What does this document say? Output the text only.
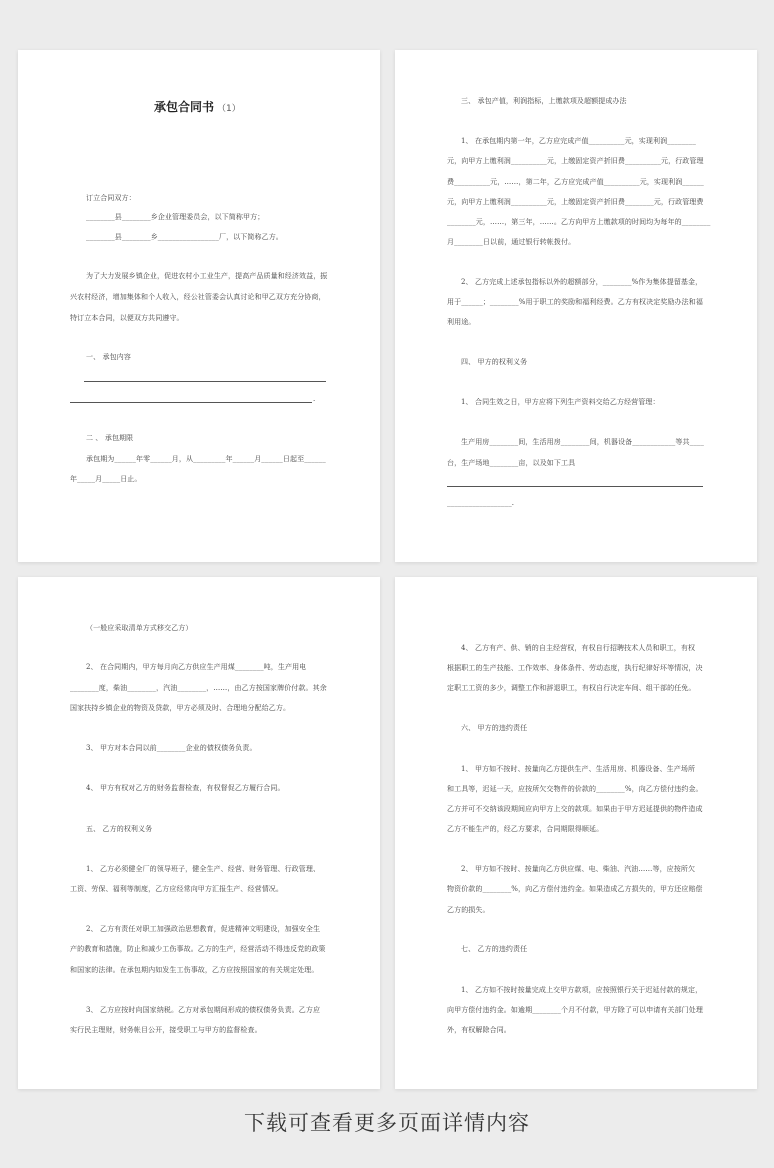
承包合同书 （1）
订立合同双方：
________县________乡企业管理委员会，以下简称甲方；
________县________乡_________________厂，以下简称乙方。
为了大力发展乡镇企业，促进农村小工业生产，提高产品质量和经济效益，振
兴农村经济，增加集体和个人收入，经公社管委会认真讨论和甲乙双方充分协商，
特订立本合同，以便双方共同遵守。
一、 承包内容
.
二 、 承包期限
承包期为______年零______月，从_________年______月______日起至______
年_____月_____日止。
三、 承包产值，利润指标，上缴款项及超额提成办法
1、 在承包期内第一年，乙方应完成产值__________元，实现利润________
元，向甲方上缴利润__________元，上缴固定资产折旧费__________元，行政管理
费__________元，……，第二年，乙方应完成产值__________元，实现利润______
元，向甲方上缴利润__________元，上缴固定资产折旧费________元，行政管理费
________元，……，第三年，……。乙方向甲方上缴款项的时间均为每年的________
月________日以前，通过银行转帐拨付。
2、 乙方完成上述承包指标以外的超额部分，________%作为集体提留基金，
用于______；________%用于职工的奖励和福利经费。乙方有权决定奖励办法和福
利用途。
四、 甲方的权利义务
1、 合同生效之日，甲方应将下列生产资料交给乙方经营管理：
生产用房________间，生活用房________间，机器设备____________等共____
台，生产场地________亩，以及如下工具
__________________.
（一般应采取清单方式移交乙方）
2、 在合同期内，甲方每月向乙方供应生产用煤________吨，生产用电
________度，柴油________，汽油________，……，由乙方按国家牌价付款。其余
国家扶持乡镇企业的物资及贷款，甲方必须及时、合理地分配给乙方。
3、 甲方对本合同以前________企业的债权债务负责。
4、 甲方有权对乙方的财务监督检查，有权督促乙方履行合同。
五、 乙方的权利义务
1、 乙方必须健全厂的领导班子，健全生产、经营、财务管理、行政管理、
工资、劳保、福利等制度，乙方应经常向甲方汇报生产、经营情况。
2、 乙方有责任对职工加强政治思想教育，促进精神文明建设，加强安全生
产的教育和措施，防止和减少工伤事故。乙方的生产，经营活动不得违反党的政策
和国家的法律。在承包期内如发生工伤事故，乙方应按照国家的有关规定处理。
3、 乙方应按时向国家纳税。乙方对承包期间形成的债权债务负责。乙方应
实行民主理财，财务帐目公开，接受职工与甲方的监督检查。
4、 乙方有产、供、销的自主经营权，有权自行招聘技术人员和职工，有权
根据职工的生产技能、工作效率、身体条件、劳动态度，执行纪律好坏等情况，决
定职工工资的多少，调整工作和辞退职工，有权自行决定车间、组干部的任免。
六、 甲方的违约责任
1、 甲方如不按时、按量向乙方提供生产、生活用房、机器设备、生产场所
和工具等，迟延一天，应按所欠交物件的价款的________%，向乙方偿付违约金。
乙方并可不交纳该段期间应向甲方上交的款项。如果由于甲方迟延提供的物件造成
乙方不能生产的，经乙方要求，合同期限得顺延。
2、 甲方如不按时、按量向乙方供应煤、电、柴油、汽油……等，应按所欠
物资价款的________%，向乙方偿付违约金。如果造成乙方损失的，甲方还应赔偿
乙方的损失。
七、 乙方的违约责任
1、 乙方如不按时按量完成上交甲方款项，应按照银行关于迟延付款的规定，
向甲方偿付违约金。如逾期________个月不付款，甲方除了可以申请有关部门处理
外，有权解除合同。
下载可查看更多页面详情内容
